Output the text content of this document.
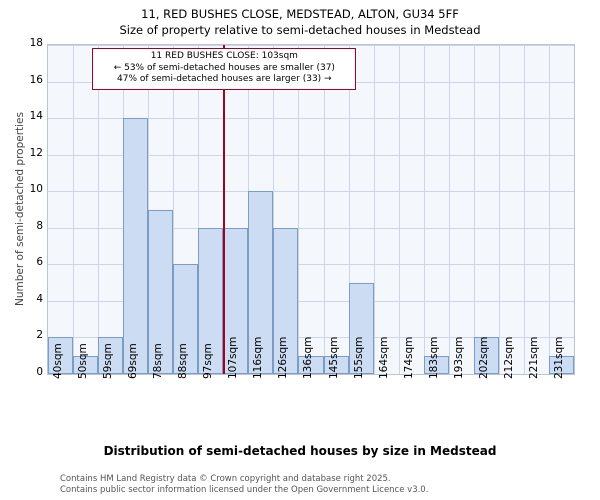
11, RED BUSHES CLOSE, MEDSTEAD, ALTON, GU34 5FF
Size of property relative to semi-detached houses in Medstead
Number of semi-detached properties
Distribution of semi-detached houses by size in Medstead
Contains HM Land Registry data © Crown copyright and database right 2025.
Contains public sector information licensed under the Open Government Licence v3.0.
0
2
4
6
8
10
12
14
16
18
40sqm 50sqm 59sqm 69sqm 78sqm 88sqm 97sqm 107sqm 116sqm 126sqm 136sqm 145sqm 155sqm 164sqm 174sqm 183sqm 193sqm 202sqm 212sqm 221sqm 231sqm
11 RED BUSHES CLOSE: 103sqm
← 53% of semi-detached houses are smaller (37)
47% of semi-detached houses are larger (33) →
